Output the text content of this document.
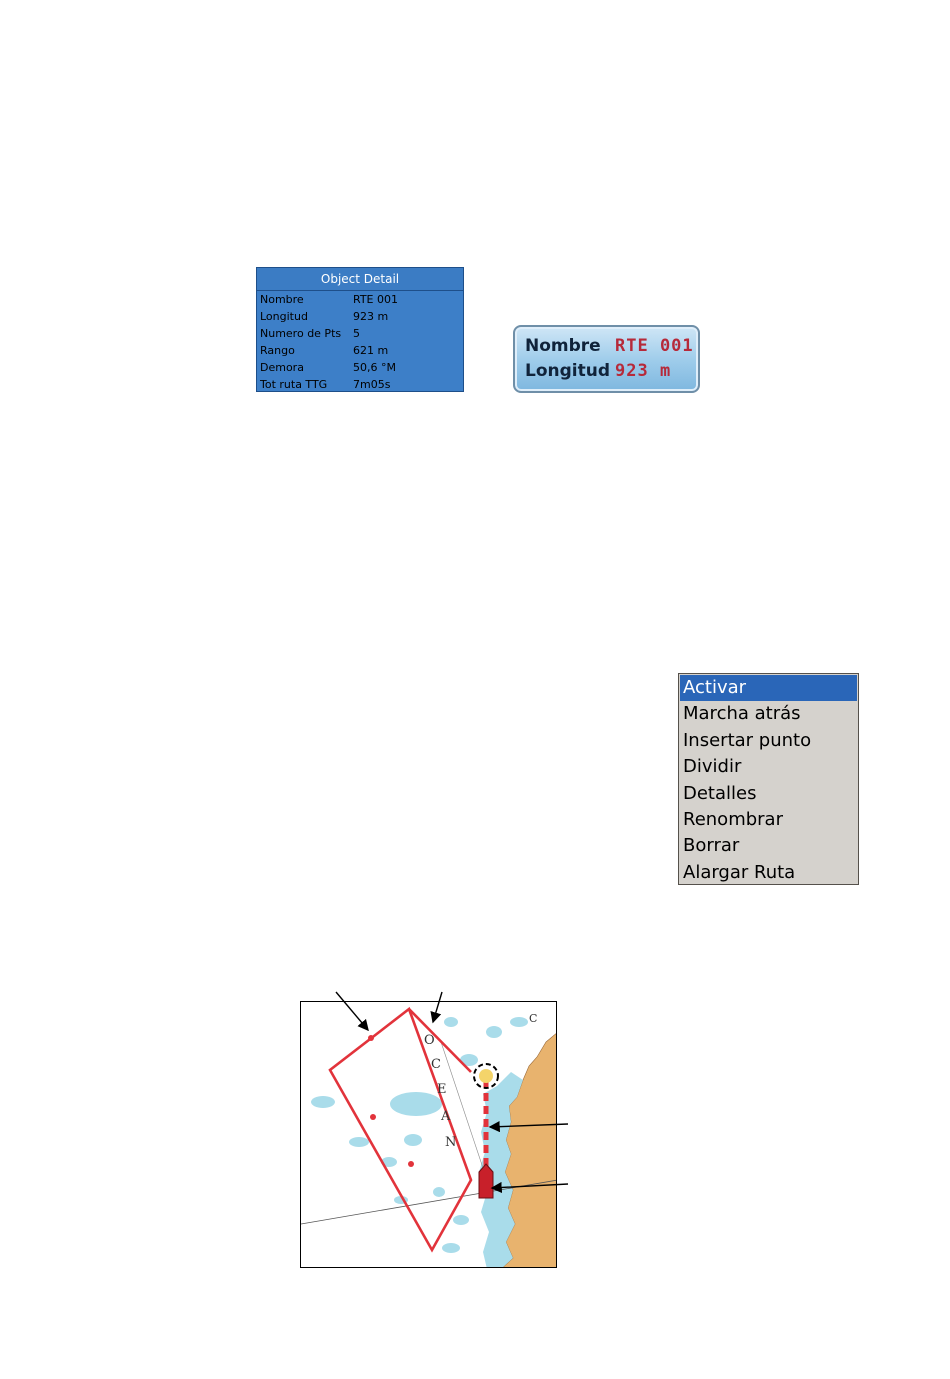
Object Detail
Nombre	RTE 001
Longitud	923 m
Numero de Pts 5
Rango	621 m
Demora	50,6 °M
Tot ruta TTG 7m05s
Nombre RTE 001
Longitud 923 m
Activar
Marcha atrás
Insertar punto
Dividir
Detalles
Renombrar
Borrar
Alargar Ruta
O
C
E
A
N
C
